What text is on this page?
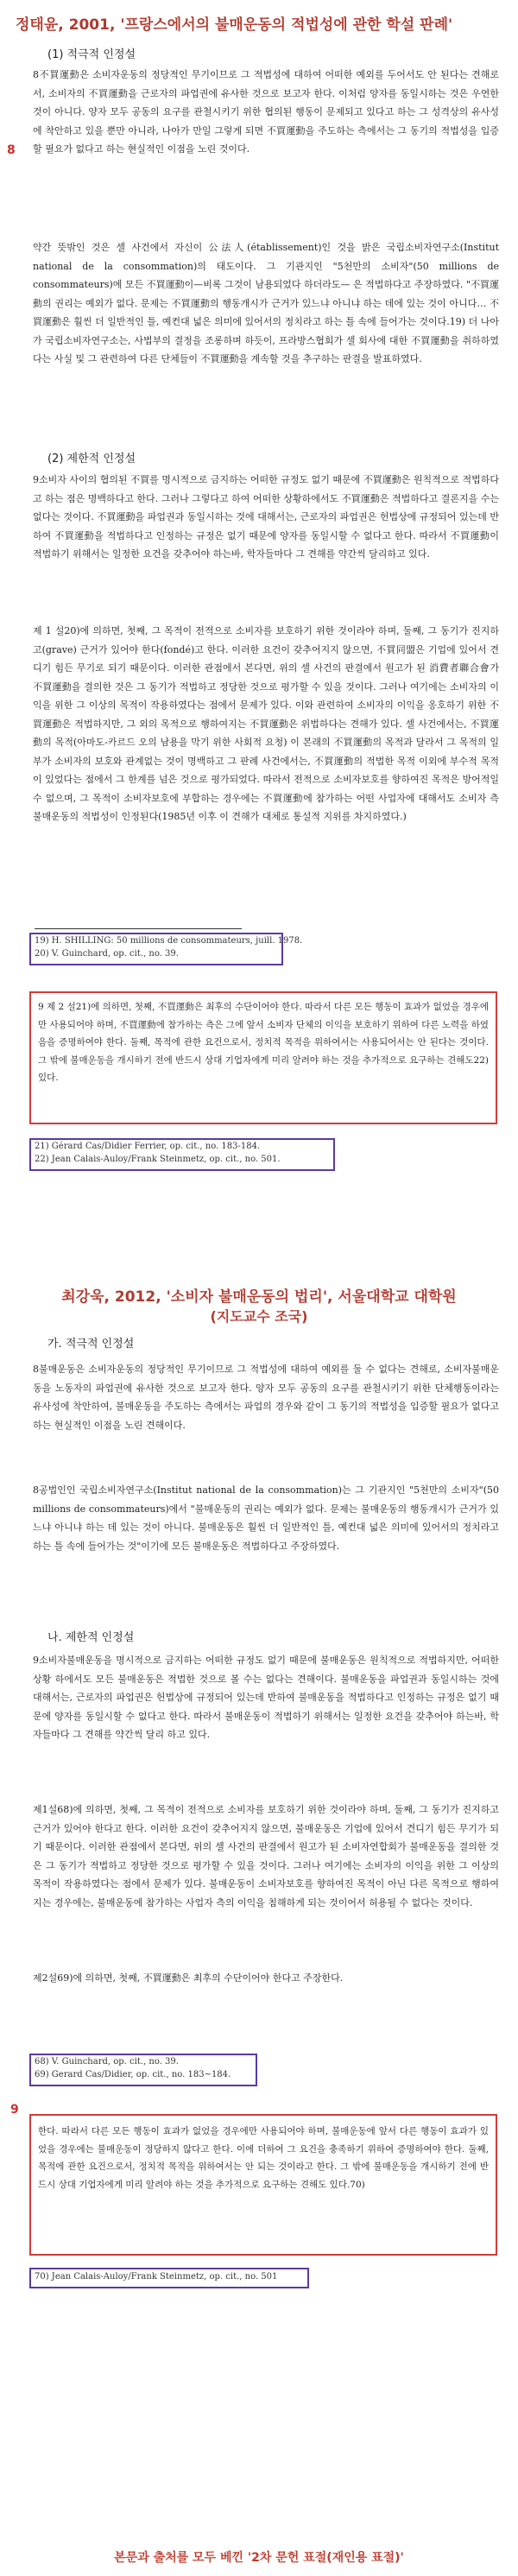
정태윤, 2001, '프랑스에서의 불매운동의 적법성에 관한 학설 판례'
(1) 적극적 인정설
8不買運動은 소비자운동의 정당적인 무기이므로 그 적법성에 대하여 어떠한 예외를 두어서도 안 된다는 견해로서, 소비자의 不買運動을 근로자의 파업권에 유사한 것으로 보고자 한다. 이처럼 양자를 동일시하는 것은 우연한 것이 아니다. 양자 모두 공동의 요구를 관철시키기 위한 협의된 행동이 문제되고 있다고 하는 그 성격상의 유사성에 착안하고 있을 뿐만 아니라, 나아가 만일 그렇게 되면 不買運動을 주도하는 측에서는 그 동기의 적법성을 입증할 필요가 없다고 하는 현실적인 이점을 노린 것이다.
8
약간 뜻밖인 것은 셀 사건에서 자신이 公法人(établissement)인 것을 밝은 국립소비자연구소(Institut national de la consommation)의 태도이다. 그 기관지인 "5천만의 소비자"(50 millions de consommateurs)에 모든 不買運動이—비록 그것이 남용되었다 하더라도— 은 적법하다고 주장하였다. "不買運動의 권리는 예외가 없다. 문제는 不買運動의 행동개시가 근거가 있느냐 아니냐 하는 데에 있는 것이 아니다… 不買運動은 훨씬 더 일반적인 틀, 예컨대 넓은 의미에 있어서의 정치라고 하는 틀 속에 들어가는 것이다.19) 더 나아가 국립소비자연구소는, 사법부의 결정을 조롱하며 하듯이, 프라방스협회가 셀 회사에 대한 不買運動을 취하하였다는 사실 및 그 관련하여 다른 단체들이 不買運動을 계속할 것을 추구하는 판결을 발표하였다.
(2) 제한적 인정설
9소비자 사이의 협의된 不買를 명시적으로 금지하는 어떠한 규정도 없기 때문에 不買運動은 원칙적으로 적법하다고 하는 점은 명백하다고 한다. 그러나 그렇다고 하여 어떠한 상황하에서도 不買運動은 적법하다고 결론지을 수는 없다는 것이다. 不買運動을 파업권과 동일시하는 것에 대해서는, 근로자의 파업권은 헌법상에 규정되어 있는데 반하여 不買運動을 적법하다고 인정하는 규정은 없기 때문에 양자를 동일시할 수 없다고 한다. 따라서 不買運動이 적법하기 위해서는 일정한 요건을 갖추어야 하는바, 학자들마다 그 견해를 약간씩 달리하고 있다.
제 1 설20)에 의하면, 첫째, 그 목적이 전적으로 소비자를 보호하기 위한 것이라야 하며, 둘째, 그 동기가 진지하고(grave) 근거가 있어야 한다(fondé)고 한다. 이러한 요건이 갖추어지지 않으면, 不買同盟은 기업에 있어서 견디기 힘든 무기로 되기 때문이다. 이러한 관점에서 본다면, 위의 셀 사건의 판결에서 원고가 된 消費者聯合會가 不買運動을 결의한 것은 그 동기가 적법하고 정당한 것으로 평가할 수 있을 것이다. 그러나 여기에는 소비자의 이익을 위한 그 이상의 목적이 작용하였다는 점에서 문제가 있다. 이와 관련하여 소비자의 이익을 옹호하기 위한 不買運動은 적법하지만, 그 외의 목적으로 행하여지는 不買運動은 위법하다는 견해가 있다. 셀 사건에서는, 不買運動의 목적(아마도-카르드 오의 남용을 막기 위한 사회적 요청) 이 본래의 不買運動의 목적과 달라서 그 목적의 일부가 소비자의 보호와 관계없는 것이 명백하고 그 판례 사건에서는, 不買運動의 적법한 목적 이외에 부수적 목적이 있었다는 점에서 그 한계를 넘은 것으로 평가되었다. 따라서 전적으로 소비자보호를 향하여진 목적은 방어적일 수 없으며, 그 목적이 소비자보호에 부합하는 경우에는 不買運動에 참가하는 어떤 사업자에 대해서도 소비자 측 불매운동의 적법성이 인정된다(1985년 이후 이 견해가 대체로 통설적 지위를 차지하였다.)
19) H. SHILLING: 50 millions de consommateurs, juill. 1978.
20) V. Guinchard, op. cit., no. 39.
9 제 2 설21)에 의하면, 첫째, 不買運動은 최후의 수단이어야 한다. 따라서 다른 모든 행동이 효과가 없었을 경우에만 사용되어야 하며, 不買運動에 참가하는 측은 그에 앞서 소비자 단체의 이익을 보호하기 위하여 다른 노력을 하였음을 증명하여야 한다. 둘째, 목적에 관한 요건으로서, 정치적 목적을 위하여서는 사용되어서는 안 된다는 것이다. 그 밖에 불매운동을 개시하기 전에 반드시 상대 기업자에게 미리 알려야 하는 것을 추가적으로 요구하는 견해도22) 있다.
21) Gérard Cas/Didier Ferrier, op. cit., no. 183-184.
22) Jean Calais-Auloy/Frank Steinmetz, op. cit., no. 501.
최강욱, 2012, '소비자 불매운동의 법리', 서울대학교 대학원
(지도교수 조국)
가. 적극적 인정설
8불매운동은 소비자운동의 정당적인 무기이므로 그 적법성에 대하여 예외를 둘 수 없다는 견해로, 소비자불매운동을 노동자의 파업권에 유사한 것으로 보고자 한다. 양자 모두 공동의 요구를 관철시키기 위한 단체행동이라는 유사성에 착안하여, 불매운동을 주도하는 측에서는 파업의 경우와 같이 그 동기의 적법성을 입증할 필요가 없다고 하는 현실적인 이점을 노린 견해이다.
8공법인인 국립소비자연구소(Institut national de la consommation)는 그 기관지인 "5천만의 소비자"(50 millions de consommateurs)에서 "불매운동의 권리는 예외가 없다. 문제는 불매운동의 행동개시가 근거가 있느냐 아니냐 하는 데 있는 것이 아니다. 불매운동은 훨씬 더 일반적인 틀, 예컨대 넓은 의미에 있어서의 정치라고 하는 틀 속에 들어가는 것"이기에 모든 불매운동은 적법하다고 주장하였다.
나. 제한적 인정설
9소비자불매운동을 명시적으로 금지하는 어떠한 규정도 없기 때문에 불매운동은 원칙적으로 적법하지만, 어떠한 상황 하에서도 모든 불매운동은 적법한 것으로 볼 수는 없다는 견해이다. 불매운동을 파업권과 동일시하는 것에 대해서는, 근로자의 파업권은 헌법상에 규정되어 있는데 반하여 불매운동을 적법하다고 인정하는 규정은 없기 때문에 양자를 동일시할 수 없다고 한다. 따라서 불매운동이 적법하기 위해서는 일정한 요건을 갖추어야 하는바, 학자들마다 그 견해를 약간씩 달리 하고 있다.
제1설68)에 의하면, 첫째, 그 목적이 전적으로 소비자를 보호하기 위한 것이라야 하며, 둘째, 그 동기가 진지하고 근거가 있어야 한다고 한다. 이러한 요건이 갖추어지지 않으면, 불매운동은 기업에 있어서 견디기 힘든 무기가 되기 때문이다. 이러한 관점에서 본다면, 위의 셀 사건의 판결에서 원고가 된 소비자연합회가 불매운동을 결의한 것은 그 동기가 적법하고 정당한 것으로 평가할 수 있을 것이다. 그러나 여기에는 소비자의 이익을 위한 그 이상의 목적이 작용하였다는 점에서 문제가 있다. 불매운동이 소비자보호를 향하여진 목적이 아닌 다른 목적으로 행하여지는 경우에는, 불매운동에 참가하는 사업자 측의 이익을 침해하게 되는 것이어서 허용될 수 없다는 것이다.
제2설69)에 의하면, 첫째, 不買運動은 최후의 수단이어야 한다고 주장한다.
68) V. Guinchard, op. cit., no. 39.
69) Gerard Cas/Didier, op. cit., no. 183~184.
9
한다. 따라서 다른 모든 행동이 효과가 없었을 경우에만 사용되어야 하며, 불매운동에 앞서 다른 행동이 효과가 있었을 경우에는 불매운동이 정당하지 않다고 한다. 이에 더하여 그 요건을 충족하기 위하여 증명하여야 한다. 둘째, 목적에 관한 요건으로서, 정치적 목적을 위하여서는 안 되는 것이라고 한다. 그 밖에 불매운동을 개시하기 전에 반드시 상대 기업자에게 미리 알려야 하는 것을 추가적으로 요구하는 견해도 있다.70)
70) Jean Calais-Auloy/Frank Steinmetz, op. cit., no. 501
본문과 출처를 모두 베낀 '2차 문헌 표절(재인용 표절)'
